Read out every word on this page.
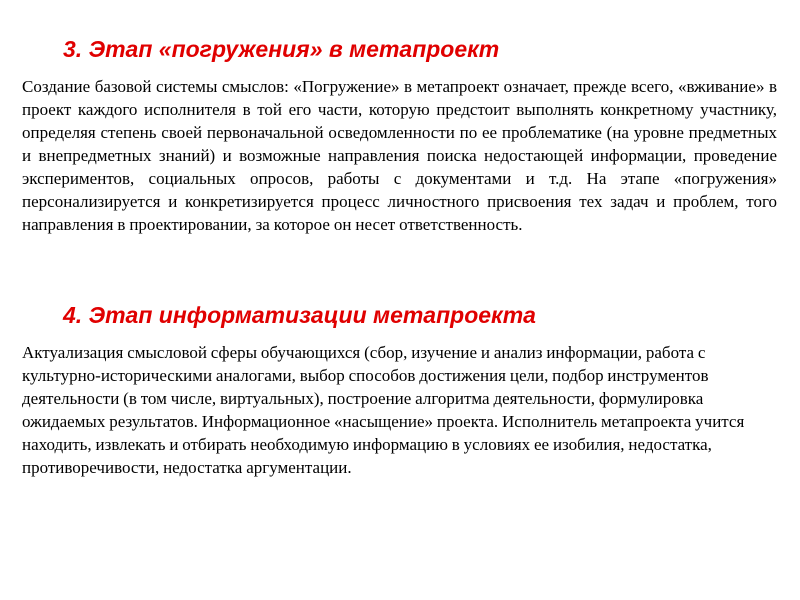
3. Этап «погружения» в метапроект

Создание базовой системы смыслов: «Погружение» в метапроект означает, прежде всего, «вживание» в проект каждого исполнителя в той его части, которую предстоит выполнять конкретному участнику, определяя степень своей первоначальной осведомленности по ее проблематике (на уровне предметных и внепредметных знаний) и возможные направления поиска недостающей информации, проведение экспериментов, социальных опросов, работы с документами и т.д. На этапе «погружения» персонализируется и конкретизируется процесс личностного присвоения тех задач и проблем, того направления в проектировании, за которое он несет ответственность.

4. Этап информатизации метапроекта

Актуализация смысловой сферы обучающихся (сбор, изучение и анализ информации, работа с культурно-историческими аналогами, выбор способов достижения цели, подбор инструментов деятельности (в том числе, виртуальных), построение алгоритма деятельности, формулировка ожидаемых результатов. Информационное «насыщение» проекта. Исполнитель метапроекта учится находить, извлекать и отбирать необходимую информацию в условиях ее изобилия, недостатка, противоречивости, недостатка аргументации.
